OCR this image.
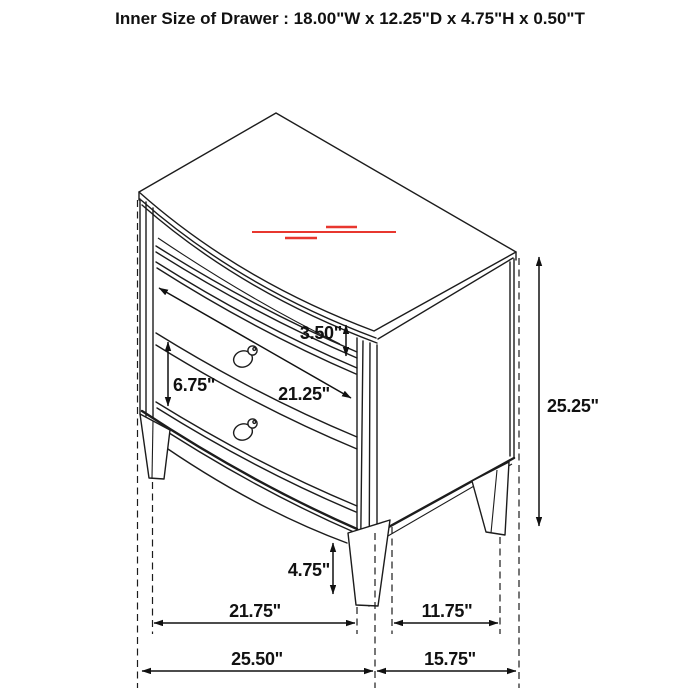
Inner Size of Drawer : 18.00"W x 12.25"D x 4.75"H x 0.50"T
3.50"
6.75"	21.25"
25.25"
4.75"
21.75"	11.75"
25.50"	15.75"
